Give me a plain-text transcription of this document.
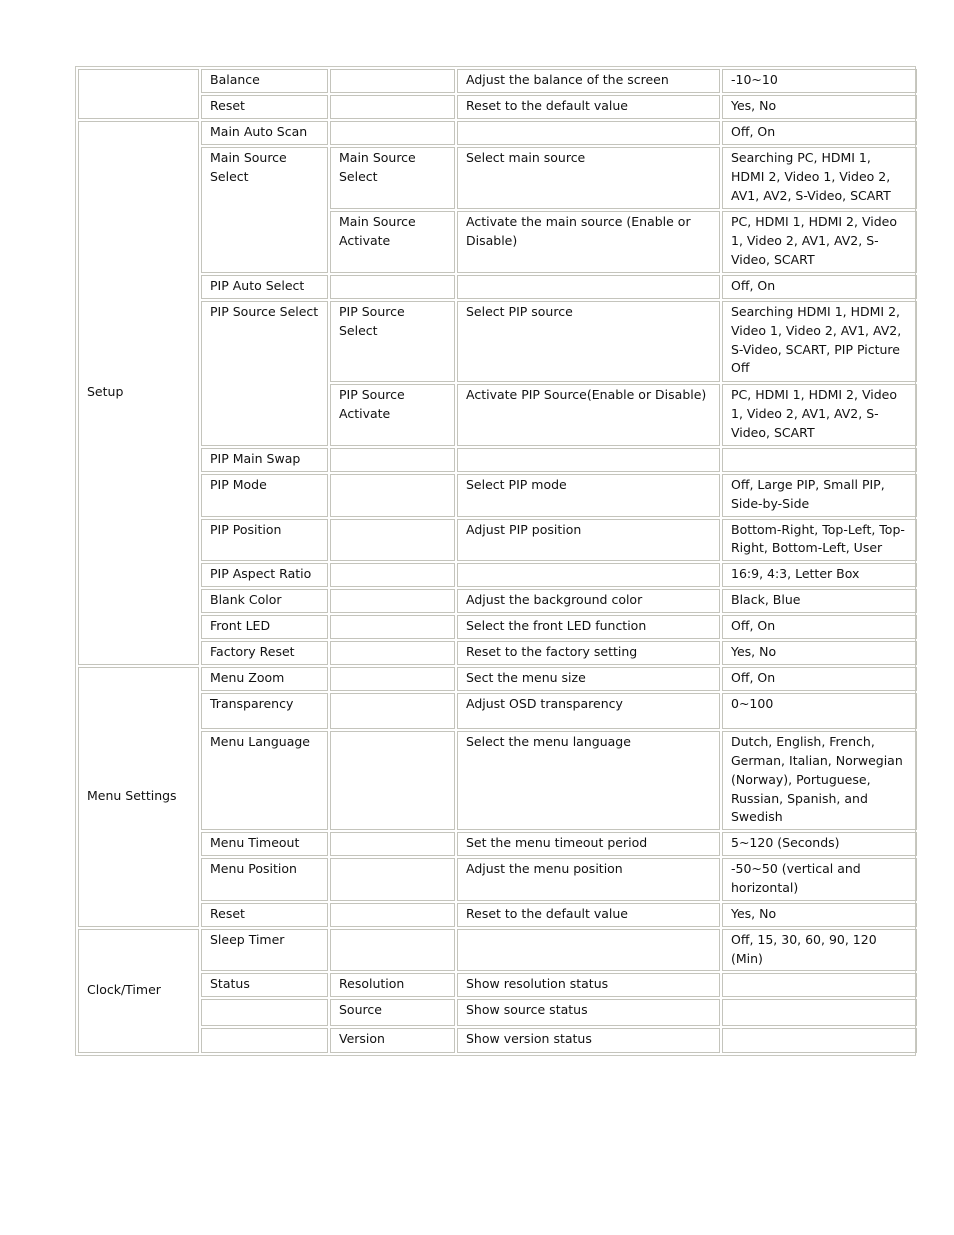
	Balance		Adjust the balance of the screen	-10~10
	Reset		Reset to the default value	Yes, No
Setup	Main Auto Scan			Off, On
	Main Source Select	Main Source Select	Select main source	Searching PC, HDMI 1, HDMI 2, Video 1, Video 2, AV1, AV2, S-Video, SCART
		Main Source Activate	Activate the main source (Enable or Disable)	PC, HDMI 1, HDMI 2, Video 1, Video 2, AV1, AV2, S-Video, SCART
	PIP Auto Select			Off, On
	PIP Source Select	PIP Source Select	Select PIP source	Searching HDMI 1, HDMI 2, Video 1, Video 2, AV1, AV2, S-Video, SCART, PIP Picture Off
		PIP Source Activate	Activate PIP Source(Enable or Disable)	PC, HDMI 1, HDMI 2, Video 1, Video 2, AV1, AV2, S-Video, SCART
	PIP Main Swap			
	PIP Mode		Select PIP mode	Off, Large PIP, Small PIP, Side-by-Side
	PIP Position		Adjust PIP position	Bottom-Right, Top-Left, Top-Right, Bottom-Left, User
	PIP Aspect Ratio			16:9, 4:3, Letter Box
	Blank Color		Adjust the background color	Black, Blue
	Front LED		Select the front LED function	Off, On
	Factory Reset		Reset to the factory setting	Yes, No
Menu Settings	Menu Zoom		Sect the menu size	Off, On
	Transparency		Adjust OSD transparency	0~100
	Menu Language		Select the menu language	Dutch, English, French, German, Italian, Norwegian (Norway), Portuguese, Russian, Spanish, and Swedish
	Menu Timeout		Set the menu timeout period	5~120 (Seconds)
	Menu Position		Adjust the menu position	-50~50 (vertical and horizontal)
	Reset		Reset to the default value	Yes, No
Clock/Timer	Sleep Timer			Off, 15, 30, 60, 90, 120 (Min)
	Status	Resolution	Show resolution status	
		Source	Show source status	
		Version	Show version status	
